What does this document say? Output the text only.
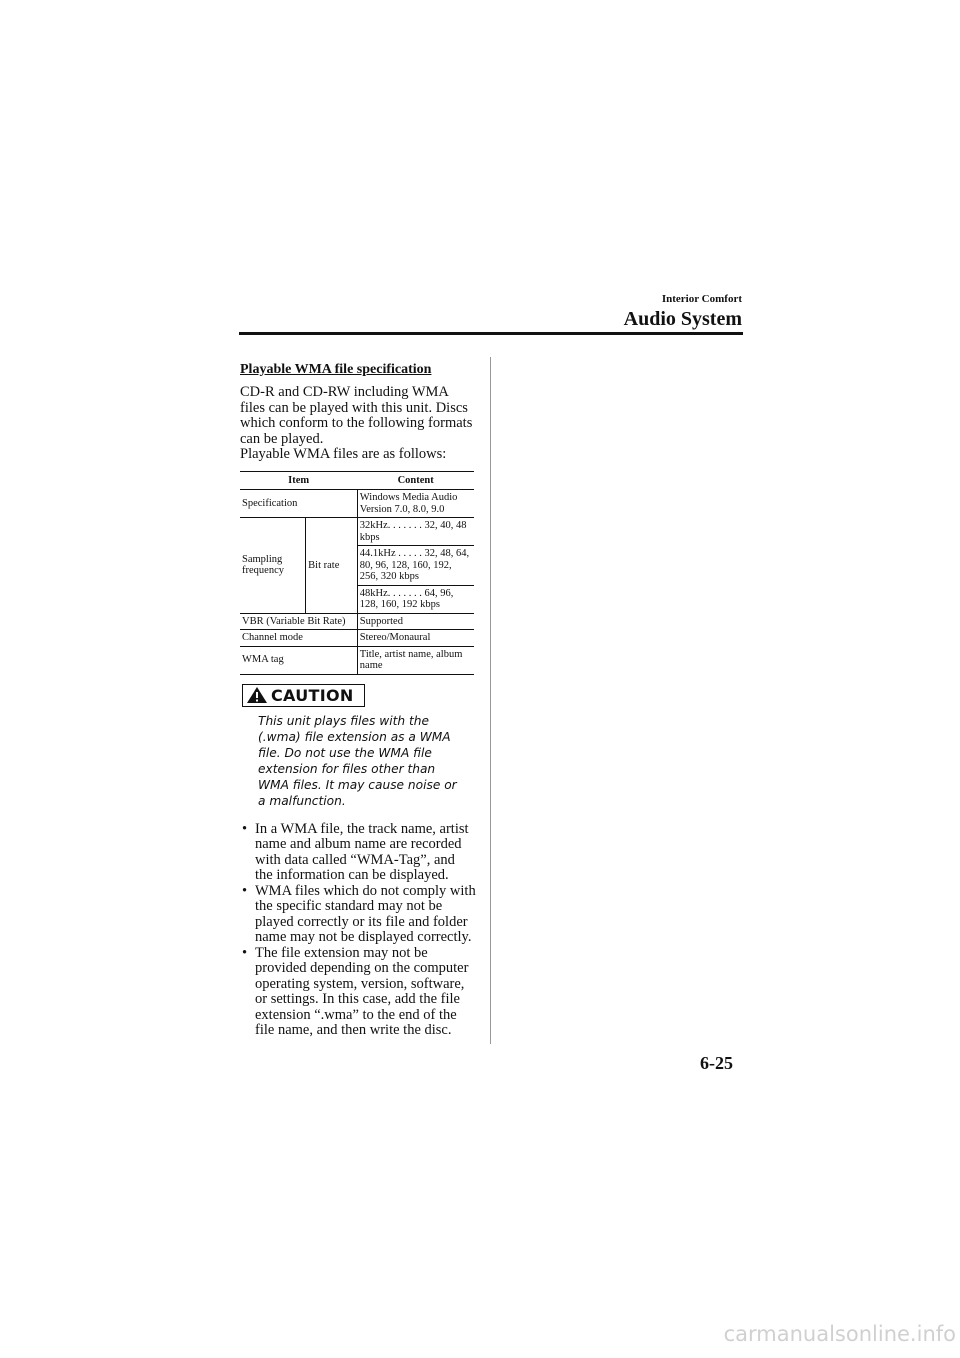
Interior Comfort
Audio System
Playable WMA file specification

CD-R and CD-RW including WMA files can be played with this unit. Discs which conform to the following formats can be played.

Playable WMA files are as follows:

Item		Content
Specification		Windows Media Audio Version 7.0, 8.0, 9.0
Sampling frequency	Bit rate	32kHz. . . . . . . 32, 40, 48 kbps
		44.1kHz . . . . . 32, 48, 64, 80, 96, 128, 160, 192, 256, 320 kbps
		48kHz. . . . . . . 64, 96, 128, 160, 192 kbps
VBR (Variable Bit Rate)		Supported
Channel mode		Stereo/Monaural
WMA tag		Title, artist name, album name
CAUTION

This unit plays files with the (.wma) file extension as a WMA file. Do not use the WMA file extension for files other than WMA files. It may cause noise or a malfunction.

• In a WMA file, the track name, artist name and album name are recorded with data called “WMA-Tag”, and the information can be displayed.
• WMA files which do not comply with the specific standard may not be played correctly or its file and folder name may not be displayed correctly.
• The file extension may not be provided depending on the computer operating system, version, software, or settings. In this case, add the file extension “.wma” to the end of the file name, and then write the disc.
6-25
carmanualsonline.info
